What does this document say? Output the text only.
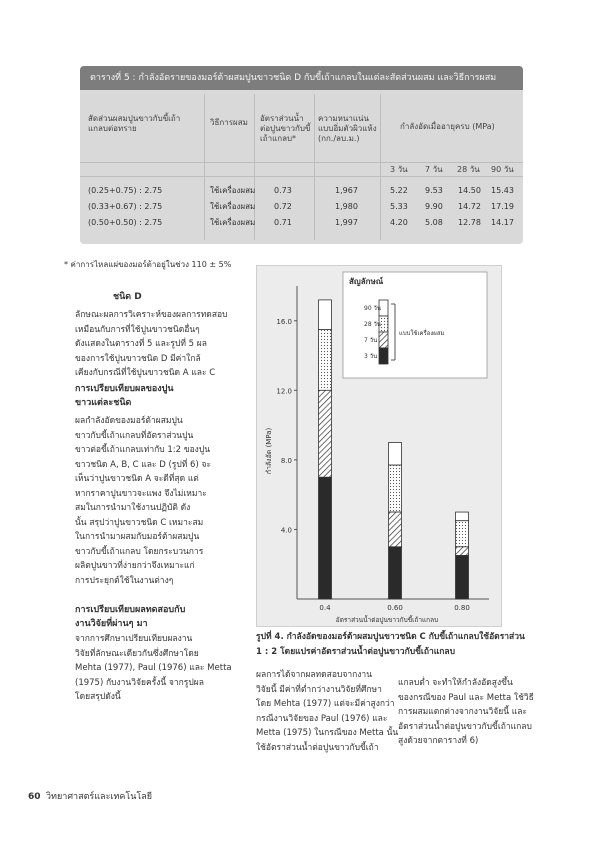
ตารางที่ 5 : กำลังอัดรายของมอร์ต้าผสมปูนขาวชนิด D กับขี้เถ้าแกลบในแต่ละสัดส่วนผสม และวิธีการผสม
สัดส่วนผสมปูนขาวกับขี้เถ้าแกลบต่อทราย
วิธีการผสม	อัตราส่วนน้ำต่อปูนขาวกับขี้เถ้าแกลบ*
ความหนาแน่นแบบอิ่มตัวผิวแห้ง (กก./ลบ.ม.)
กำลังอัดเมื่ออายุครบ (MPa)
3 วัน 7 วัน 28 วัน 90 วัน
(0.25+0.75) : 2.75	ใช้เครื่องผสม 0.73	1,967	5.22 9.53 14.50 15.43
(0.33+0.67) : 2.75	ใช้เครื่องผสม 0.72	1,980	5.33 9.90 14.72 17.19
(0.50+0.50) : 2.75	ใช้เครื่องผสม 0.71	1,997	4.20 5.08 12.78 14.17
* ค่าการไหลแผ่ของมอร์ต้าอยู่ในช่วง 110 ± 5%
ชนิด D
ลักษณะผลการวิเคราะห์ของผลการทดสอบ
เหมือนกับการที่ใช้ปูนขาวชนิดอื่นๆ
ดังแสดงในตารางที่ 5 และรูปที่ 5 ผล
ของการใช้ปูนขาวชนิด D มีค่าใกล้
เคียงกับกรณีที่ใช้ปูนขาวชนิด A และ C
การเปรียบเทียบผลของปูน
ขาวแต่ละชนิด
ผลกำลังอัดของมอร์ต้าผสมปูน
ขาวกับขี้เถ้าแกลบที่อัตราส่วนปูน
ขาวต่อขี้เถ้าแกลบเท่ากับ 1:2 ของปูน
ขาวชนิด A, B, C และ D (รูปที่ 6) จะ
เห็นว่าปูนขาวชนิด A จะดีที่สุด แต่
หากราคาปูนขาวจะแพง จึงไม่เหมาะ
สมในการนำมาใช้งานปฏิบัติ ดัง
นั้น สรุปว่าปูนขาวชนิด C เหมาะสม
ในการนำมาผสมกับมอร์ต้าผสมปูน
ขาวกับขี้เถ้าแกลบ โดยกระบวนการ
ผลิตปูนขาวที่ง่ายกว่าจึงเหมาะแก่
การประยุกต์ใช้ในงานต่างๆ
การเปรียบเทียบผลทดสอบกับ
งานวิจัยที่ผ่านๆ มา
จากการศึกษาเปรียบเทียบผลงาน
วิจัยที่ลักษณะเดียวกันซึ่งศึกษาโดย
Mehta (1977), Paul (1976) และ Metta
(1975) กับงานวิจัยครั้งนี้ จากรูปผล
โดยสรุปดังนี้
16.0
12.0
8.0
4.0
กำลังอัด (MPa)
0.4	0.60	0.80
อัตราส่วนน้ำต่อปูนขาวกับขี้เถ้าแกลบ
สัญลักษณ์
90 วัน
28 วัน
7 วัน
3 วัน
แบบใช้เครื่องผสม
รูปที่ 4. กำลังอัดของมอร์ต้าผสมปูนขาวชนิด C กับขี้เถ้าแกลบใช้อัตราส่วน
1 : 2 โดยแปรค่าอัตราส่วนน้ำต่อปูนขาวกับขี้เถ้าแกลบ
ผลการได้จากผลทดสอบจากงาน
วิจัยนี้ มีค่าที่ต่ำกว่างานวิจัยที่ศึกษา
โดย Mehta (1977) แต่จะมีค่าสูงกว่า
กรณีงานวิจัยของ Paul (1976) และ
Metta (1975) ในกรณีของ Metta นั้น
ใช้อัตราส่วนน้ำต่อปูนขาวกับขี้เถ้า
แกลบต่ำ จะทำให้กำลังอัดสูงขึ้น
ของกรณีของ Paul และ Metta ใช้วิธี
การผสมแตกต่างจากงานวิจัยนี้ และ
อัตราส่วนน้ำต่อปูนขาวกับขี้เถ้าแกลบ
สูงด้วยจากตารางที่ 6)
60 วิทยาศาสตร์และเทคโนโลยี
